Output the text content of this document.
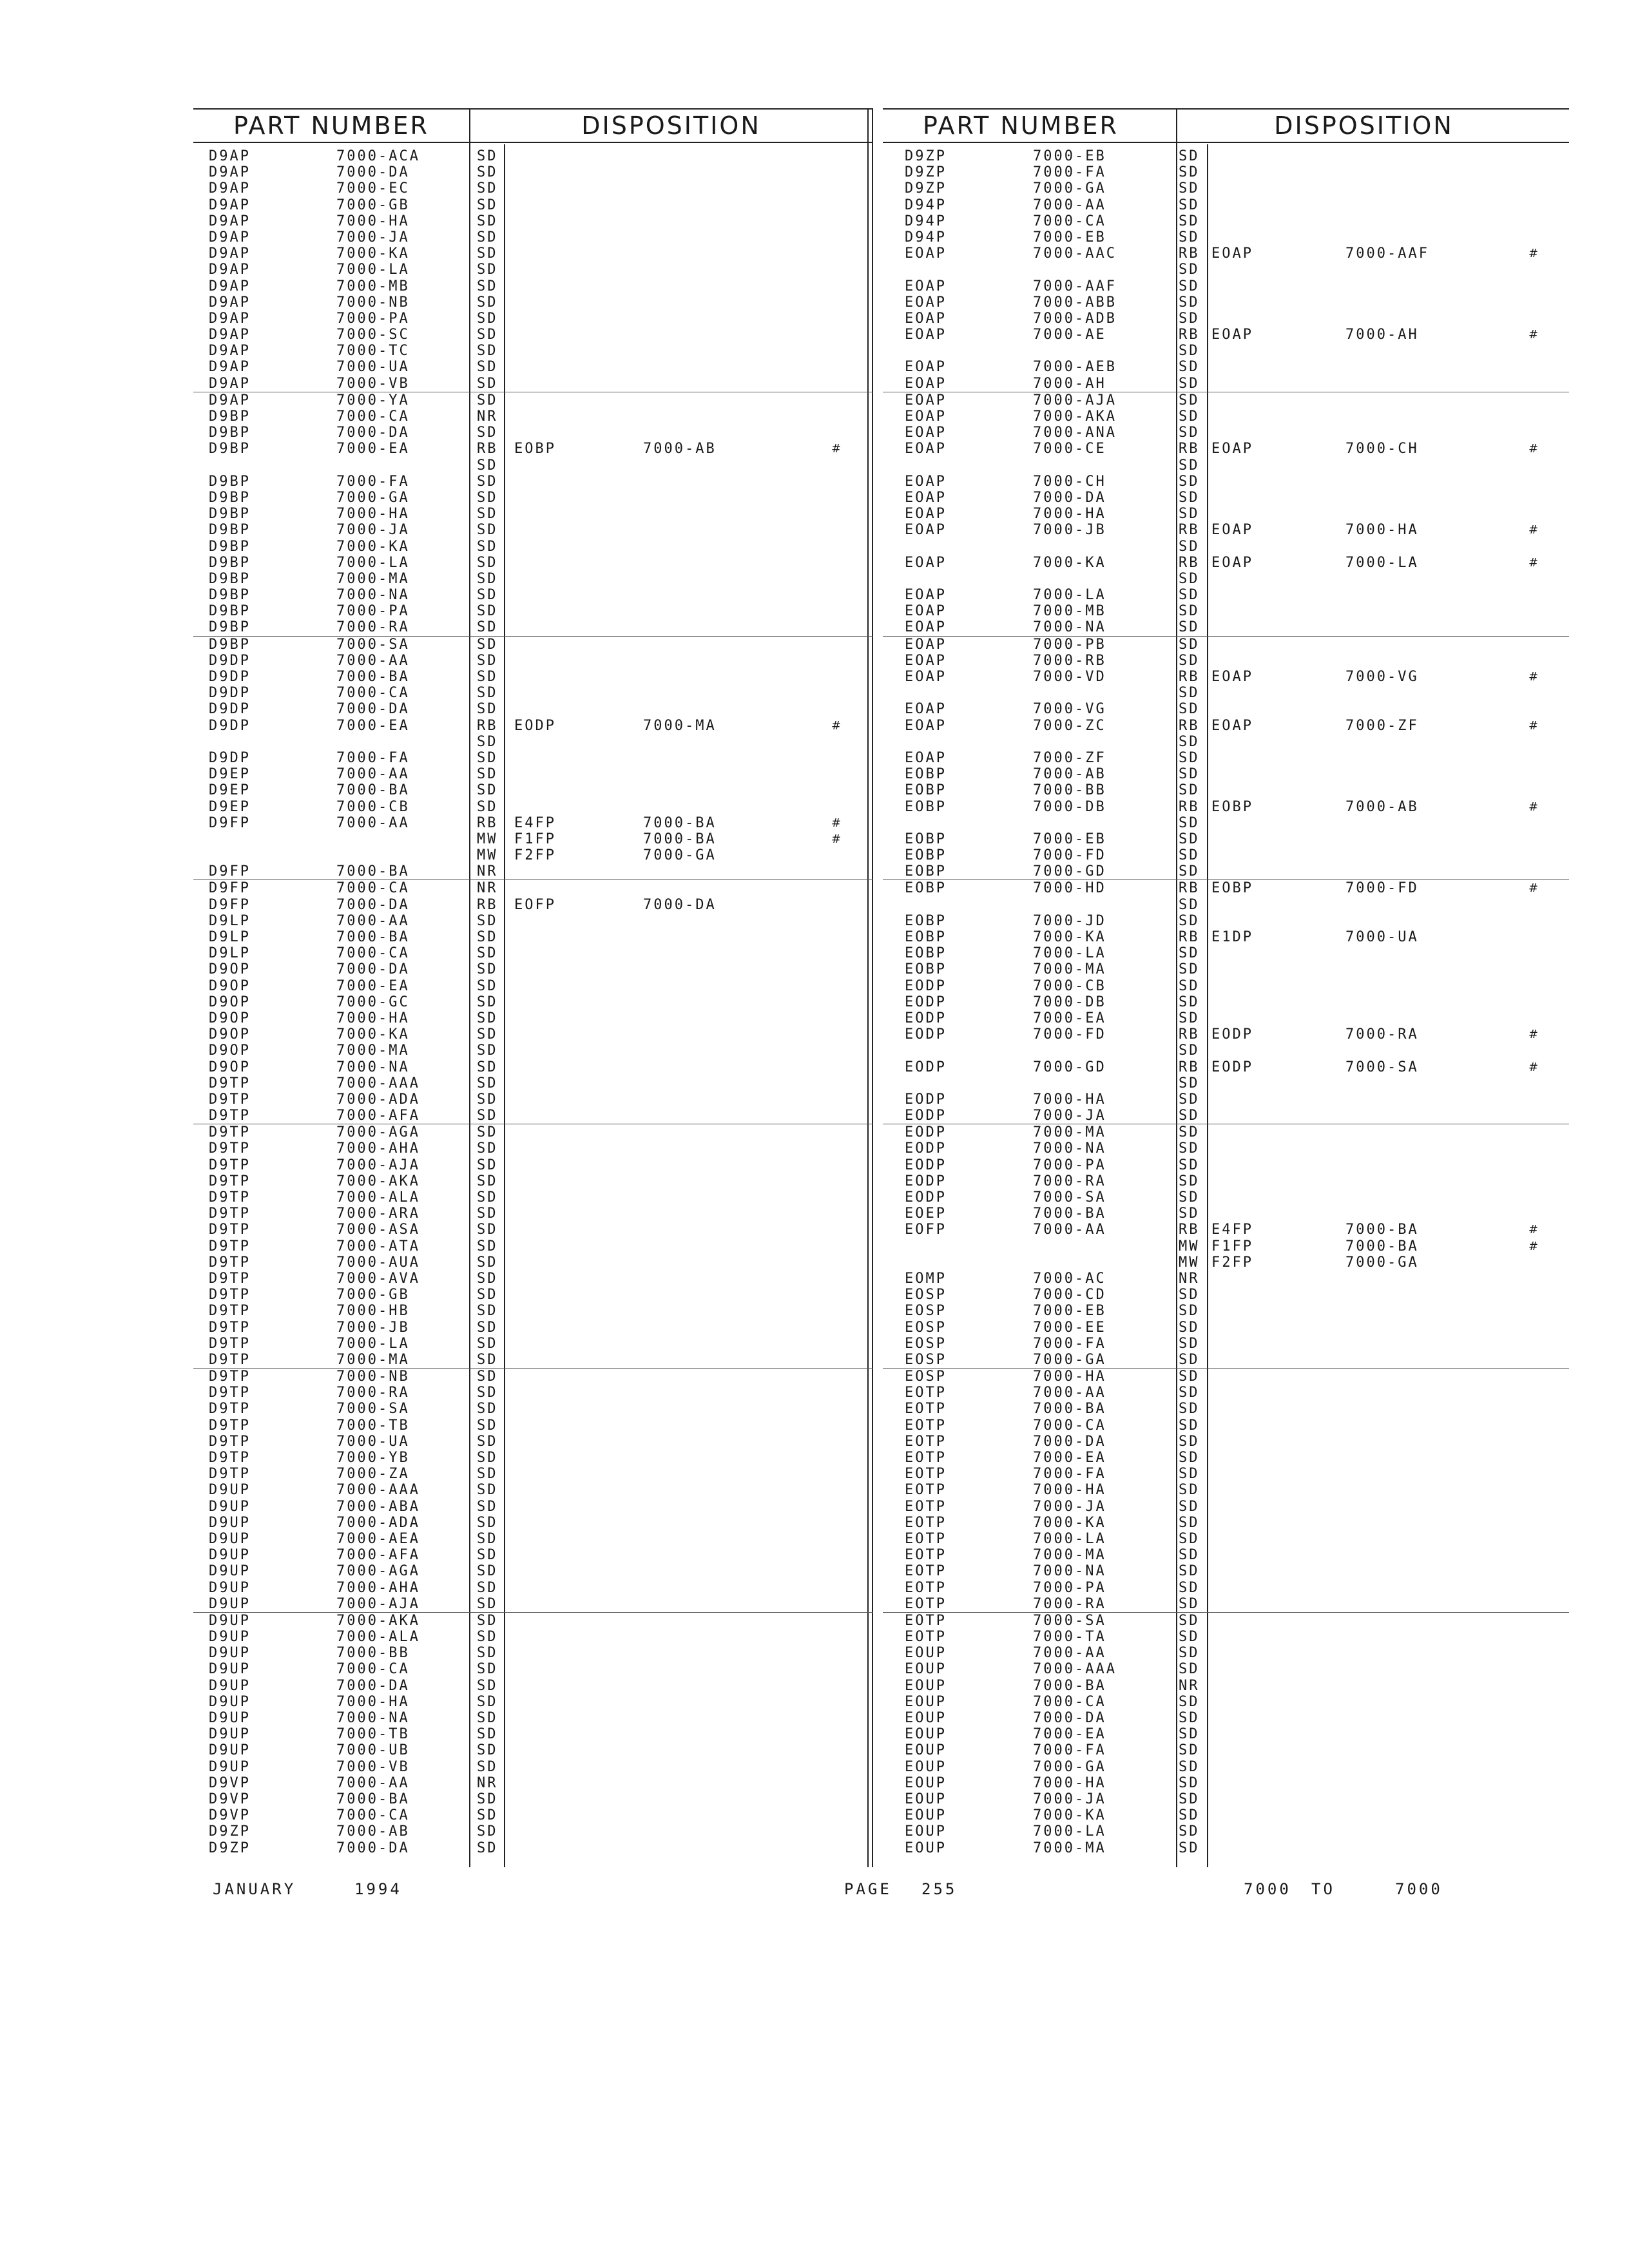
PART NUMBER	DISPOSITION
D9AP	7000-ACA	SD
D9AP	7000-DA	SD
D9AP	7000-EC	SD
D9AP	7000-GB	SD
D9AP	7000-HA	SD
D9AP	7000-JA	SD
D9AP	7000-KA	SD
D9AP	7000-LA	SD
D9AP	7000-MB	SD
D9AP	7000-NB	SD
D9AP	7000-PA	SD
D9AP	7000-SC	SD
D9AP	7000-TC	SD
D9AP	7000-UA	SD
D9AP	7000-VB	SD
D9AP	7000-YA	SD
D9BP	7000-CA	NR
D9BP	7000-DA	SD
D9BP	7000-EA	RB EOBP	7000-AB	#
SD
D9BP	7000-FA	SD
D9BP	7000-GA	SD
D9BP	7000-HA	SD
D9BP	7000-JA	SD
D9BP	7000-KA	SD
D9BP	7000-LA	SD
D9BP	7000-MA	SD
D9BP	7000-NA	SD
D9BP	7000-PA	SD
D9BP	7000-RA	SD
D9BP	7000-SA	SD
D9DP	7000-AA	SD
D9DP	7000-BA	SD
D9DP	7000-CA	SD
D9DP	7000-DA	SD
D9DP	7000-EA	RB EODP	7000-MA	#
SD
D9DP	7000-FA	SD
D9EP	7000-AA	SD
D9EP	7000-BA	SD
D9EP	7000-CB	SD
D9FP	7000-AA	RB E4FP	7000-BA	#
MW F1FP	7000-BA	#
MW F2FP	7000-GA
D9FP	7000-BA	NR
D9FP	7000-CA	NR
D9FP	7000-DA	RB EOFP	7000-DA
D9LP	7000-AA	SD
D9LP	7000-BA	SD
D9LP	7000-CA	SD
D9OP	7000-DA	SD
D9OP	7000-EA	SD
D9OP	7000-GC	SD
D9OP	7000-HA	SD
D9OP	7000-KA	SD
D9OP	7000-MA	SD
D9OP	7000-NA	SD
D9TP	7000-AAA	SD
D9TP	7000-ADA	SD
D9TP	7000-AFA	SD
D9TP	7000-AGA	SD
D9TP	7000-AHA	SD
D9TP	7000-AJA	SD
D9TP	7000-AKA	SD
D9TP	7000-ALA	SD
D9TP	7000-ARA	SD
D9TP	7000-ASA	SD
D9TP	7000-ATA	SD
D9TP	7000-AUA	SD
D9TP	7000-AVA	SD
D9TP	7000-GB	SD
D9TP	7000-HB	SD
D9TP	7000-JB	SD
D9TP	7000-LA	SD
D9TP	7000-MA	SD
D9TP	7000-NB	SD
D9TP	7000-RA	SD
D9TP	7000-SA	SD
D9TP	7000-TB	SD
D9TP	7000-UA	SD
D9TP	7000-YB	SD
D9TP	7000-ZA	SD
D9UP	7000-AAA	SD
D9UP	7000-ABA	SD
D9UP	7000-ADA	SD
D9UP	7000-AEA	SD
D9UP	7000-AFA	SD
D9UP	7000-AGA	SD
D9UP	7000-AHA	SD
D9UP	7000-AJA	SD
D9UP	7000-AKA	SD
D9UP	7000-ALA	SD
D9UP	7000-BB	SD
D9UP	7000-CA	SD
D9UP	7000-DA	SD
D9UP	7000-HA	SD
D9UP	7000-NA	SD
D9UP	7000-TB	SD
D9UP	7000-UB	SD
D9UP	7000-VB	SD
D9VP	7000-AA	NR
D9VP	7000-BA	SD
D9VP	7000-CA	SD
D9ZP	7000-AB	SD
D9ZP	7000-DA	SD
PART NUMBER	DISPOSITION
D9ZP	7000-EB	SD
D9ZP	7000-FA	SD
D9ZP	7000-GA	SD
D94P	7000-AA	SD
D94P	7000-CA	SD
D94P	7000-EB	SD
EOAP	7000-AAC	RB EOAP	7000-AAF	#
SD
EOAP	7000-AAF	SD
EOAP	7000-ABB	SD
EOAP	7000-ADB	SD
EOAP	7000-AE	RB EOAP	7000-AH	#
SD
EOAP	7000-AEB	SD
EOAP	7000-AH	SD
EOAP	7000-AJA	SD
EOAP	7000-AKA	SD
EOAP	7000-ANA	SD
EOAP	7000-CE	RB EOAP	7000-CH	#
SD
EOAP	7000-CH	SD
EOAP	7000-DA	SD
EOAP	7000-HA	SD
EOAP	7000-JB	RB EOAP	7000-HA	#
SD
EOAP	7000-KA	RB EOAP	7000-LA	#
SD
EOAP	7000-LA	SD
EOAP	7000-MB	SD
EOAP	7000-NA	SD
EOAP	7000-PB	SD
EOAP	7000-RB	SD
EOAP	7000-VD	RB EOAP	7000-VG	#
SD
EOAP	7000-VG	SD
EOAP	7000-ZC	RB EOAP	7000-ZF	#
SD
EOAP	7000-ZF	SD
EOBP	7000-AB	SD
EOBP	7000-BB	SD
EOBP	7000-DB	RB EOBP	7000-AB	#
SD
EOBP	7000-EB	SD
EOBP	7000-FD	SD
EOBP	7000-GD	SD
EOBP	7000-HD	RB EOBP	7000-FD	#
SD
EOBP	7000-JD	SD
EOBP	7000-KA	RB E1DP	7000-UA
EOBP	7000-LA	SD
EOBP	7000-MA	SD
EODP	7000-CB	SD
EODP	7000-DB	SD
EODP	7000-EA	SD
EODP	7000-FD	RB EODP	7000-RA	#
SD
EODP	7000-GD	RB EODP	7000-SA	#
SD
EODP	7000-HA	SD
EODP	7000-JA	SD
EODP	7000-MA	SD
EODP	7000-NA	SD
EODP	7000-PA	SD
EODP	7000-RA	SD
EODP	7000-SA	SD
EOEP	7000-BA	SD
EOFP	7000-AA	RB E4FP	7000-BA	#
MW F1FP	7000-BA	#
MW F2FP	7000-GA
EOMP	7000-AC	NR
EOSP	7000-CD	SD
EOSP	7000-EB	SD
EOSP	7000-EE	SD
EOSP	7000-FA	SD
EOSP	7000-GA	SD
EOSP	7000-HA	SD
EOTP	7000-AA	SD
EOTP	7000-BA	SD
EOTP	7000-CA	SD
EOTP	7000-DA	SD
EOTP	7000-EA	SD
EOTP	7000-FA	SD
EOTP	7000-HA	SD
EOTP	7000-JA	SD
EOTP	7000-KA	SD
EOTP	7000-LA	SD
EOTP	7000-MA	SD
EOTP	7000-NA	SD
EOTP	7000-PA	SD
EOTP	7000-RA	SD
EOTP	7000-SA	SD
EOTP	7000-TA	SD
EOUP	7000-AA	SD
EOUP	7000-AAA	SD
EOUP	7000-BA	NR
EOUP	7000-CA	SD
EOUP	7000-DA	SD
EOUP	7000-EA	SD
EOUP	7000-FA	SD
EOUP	7000-GA	SD
EOUP	7000-HA	SD
EOUP	7000-JA	SD
EOUP	7000-KA	SD
EOUP	7000-LA	SD
EOUP	7000-MA	SD
JANUARY	1994	PAGE 255	7000 TO	7000
